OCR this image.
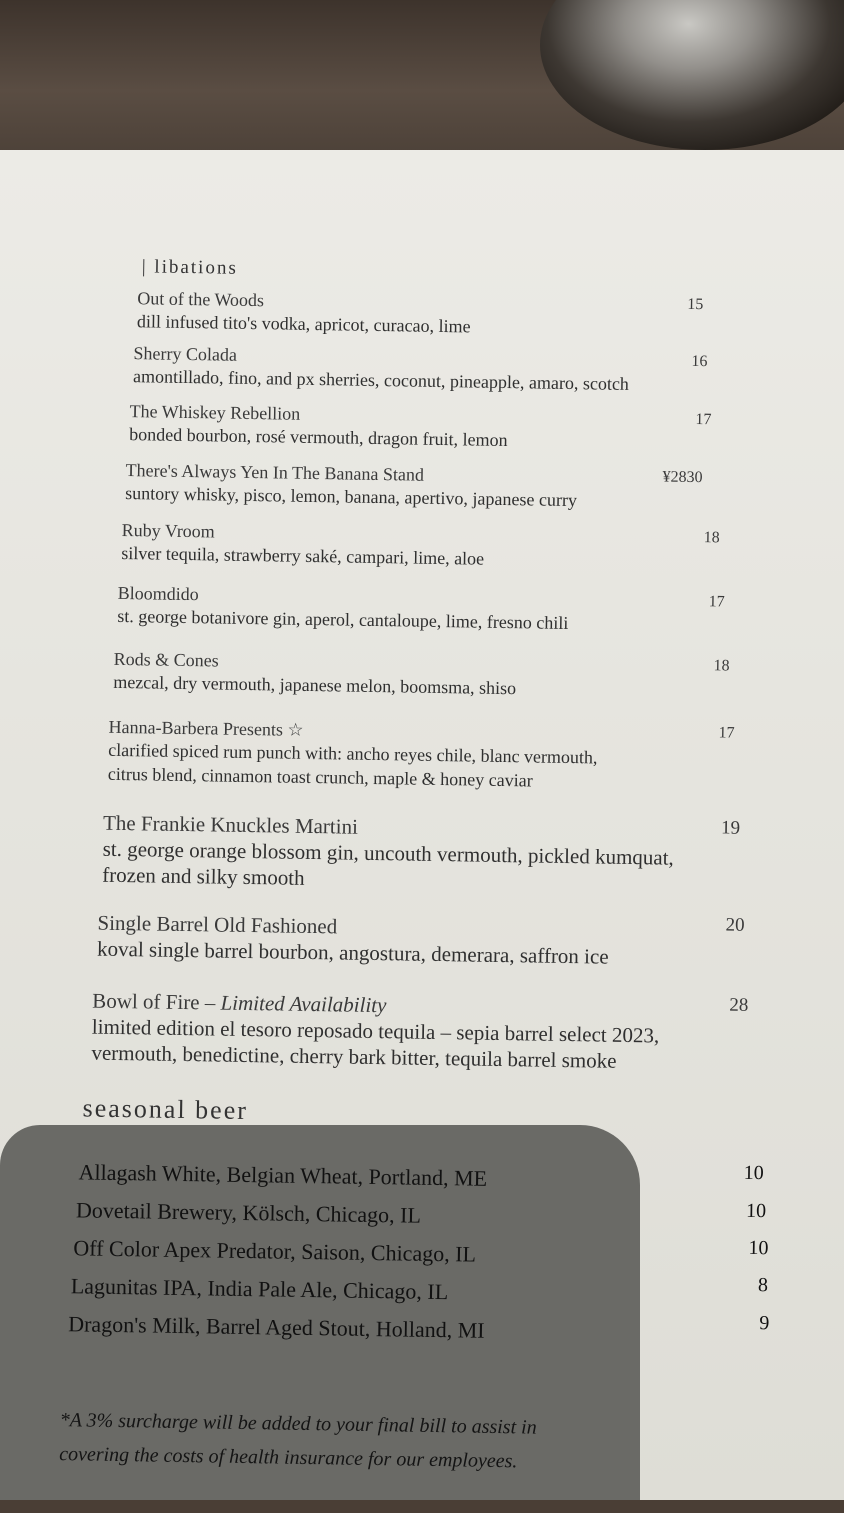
| libations
Out of the Woods
dill infused tito's vodka, apricot, curacao, lime
15
Sherry Colada
amontillado, fino, and px sherries, coconut, pineapple, amaro, scotch
16
The Whiskey Rebellion
bonded bourbon, rosé vermouth, dragon fruit, lemon
17
There's Always Yen In The Banana Stand
suntory whisky, pisco, lemon, banana, apertivo, japanese curry
¥2830
Ruby Vroom
silver tequila, strawberry saké, campari, lime, aloe
18
Bloomdido
st. george botanivore gin, aperol, cantaloupe, lime, fresno chili
17
Rods & Cones
mezcal, dry vermouth, japanese melon, boomsma, shiso
18
Hanna-Barbera Presents ☆
clarified spiced rum punch with: ancho reyes chile, blanc vermouth,
citrus blend, cinnamon toast crunch, maple & honey caviar
17
The Frankie Knuckles Martini
st. george orange blossom gin, uncouth vermouth, pickled kumquat,
frozen and silky smooth
19
Single Barrel Old Fashioned
koval single barrel bourbon, angostura, demerara, saffron ice
20
Bowl of Fire – Limited Availability
limited edition el tesoro reposado tequila – sepia barrel select 2023,
vermouth, benedictine, cherry bark bitter, tequila barrel smoke
28
seasonal beer
Allagash White, Belgian Wheat, Portland, ME	10
Dovetail Brewery, Kölsch, Chicago, IL	10
Off Color Apex Predator, Saison, Chicago, IL	10
Lagunitas IPA, India Pale Ale, Chicago, IL	8
Dragon's Milk, Barrel Aged Stout, Holland, MI	9
*A 3% surcharge will be added to your final bill to assist in
covering the costs of health insurance for our employees.
